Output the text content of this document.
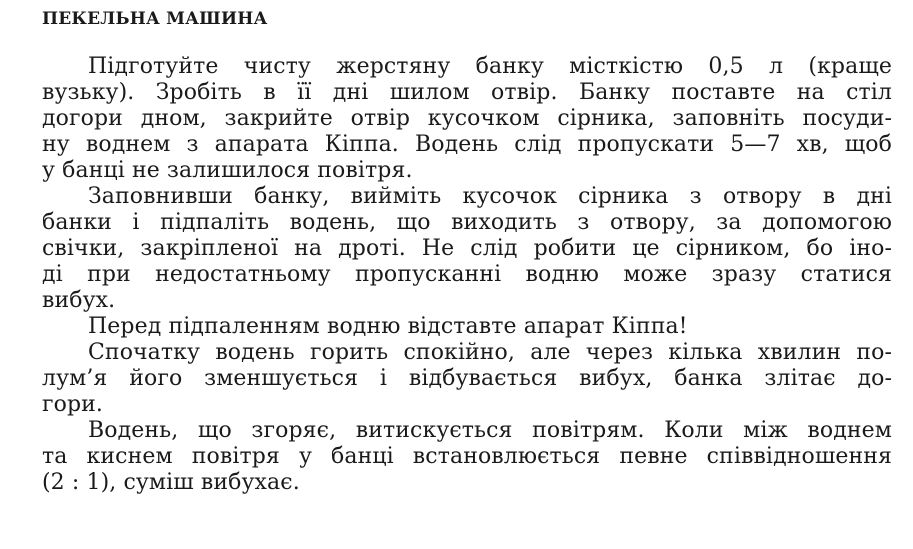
ПЕКЕЛЬНА МАШИНА
Підготуйте чисту жерстяну банку місткістю 0,5 л (краще
вузьку). Зробіть в її дні шилом отвір. Банку поставте на стіл
догори дном, закрийте отвір кусочком сірника, заповніть посуди-
ну воднем з апарата Кіппа. Водень слід пропускати 5—7 хв, щоб
у банці не залишилося повітря.
Заповнивши банку, вийміть кусочок сірника з отвору в дні
банки і підпаліть водень, що виходить з отвору, за допомогою
свічки, закріпленої на дроті. Не слід робити це сірником, бо іно-
ді при недостатньому пропусканні водню може зразу статися
вибух.
Перед підпаленням водню відставте апарат Кіппа!
Спочатку водень горить спокійно, але через кілька хвилин по-
лум’я його зменшується і відбувається вибух, банка злітає до-
гори.
Водень, що згоряє, витискується повітрям. Коли між воднем
та киснем повітря у банці встановлюється певне співвідношення
(2 : 1), суміш вибухає.
